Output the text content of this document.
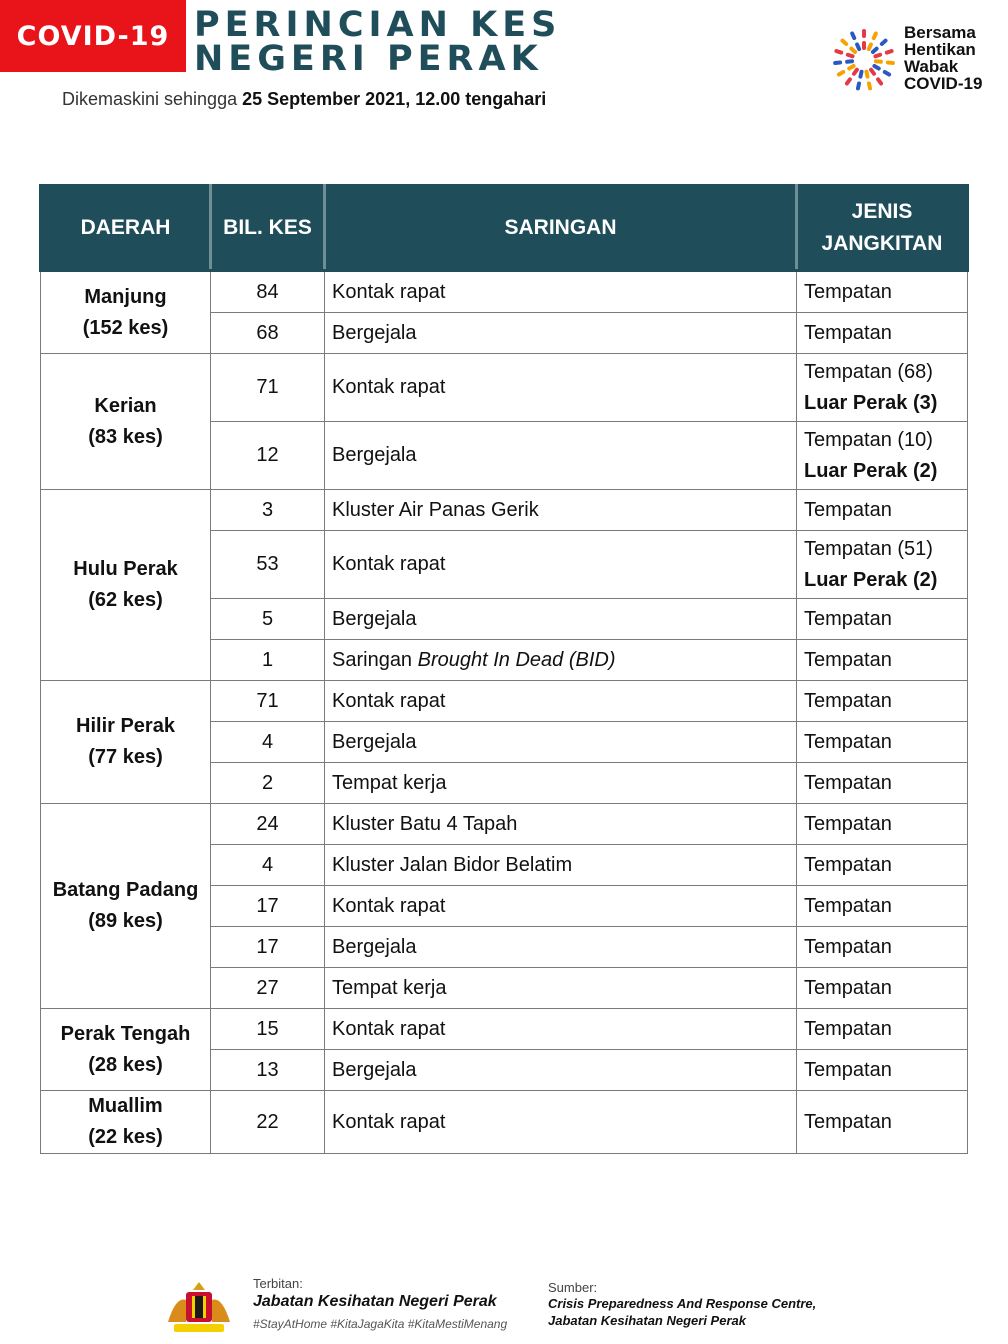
COVID-19 PERINCIAN KES
NEGERI PERAK
Dikemaskini sehingga 25 September 2021, 12.00 tengahari
Bersama
Hentikan
Wabak
COVID-19
DAERAH	BIL. KES	SARINGAN	JENIS
JANGKITAN
Manjung
(152 kes)	84	Kontak rapat	Tempatan
	68	Bergejala	Tempatan
Kerian
(83 kes)	71	Kontak rapat	Tempatan (68)
Luar Perak (3)

	12	Bergejala	Tempatan (10)
Luar Perak (2)

Hulu Perak
(62 kes)	3	Kluster Air Panas Gerik	Tempatan
	53	Kontak rapat	Tempatan (51)
Luar Perak (2)

	5	Bergejala	Tempatan
	1	Saringan Brought In Dead (BID)	Tempatan
Hilir Perak
(77 kes)	71	Kontak rapat	Tempatan
	4	Bergejala	Tempatan
	2	Tempat kerja	Tempatan
Batang Padang
(89 kes)	24	Kluster Batu 4 Tapah	Tempatan
	4	Kluster Jalan Bidor Belatim	Tempatan
	17	Kontak rapat	Tempatan
	17	Bergejala	Tempatan
	27	Tempat kerja	Tempatan
Perak Tengah
(28 kes)	15	Kontak rapat	Tempatan
	13	Bergejala	Tempatan
Muallim
(22 kes)	22	Kontak rapat	Tempatan
Terbitan:
Jabatan Kesihatan Negeri Perak
#StayAtHome #KitaJagaKita #KitaMestiMenang
Sumber:
Crisis Preparedness And Response Centre,
Jabatan Kesihatan Negeri Perak
